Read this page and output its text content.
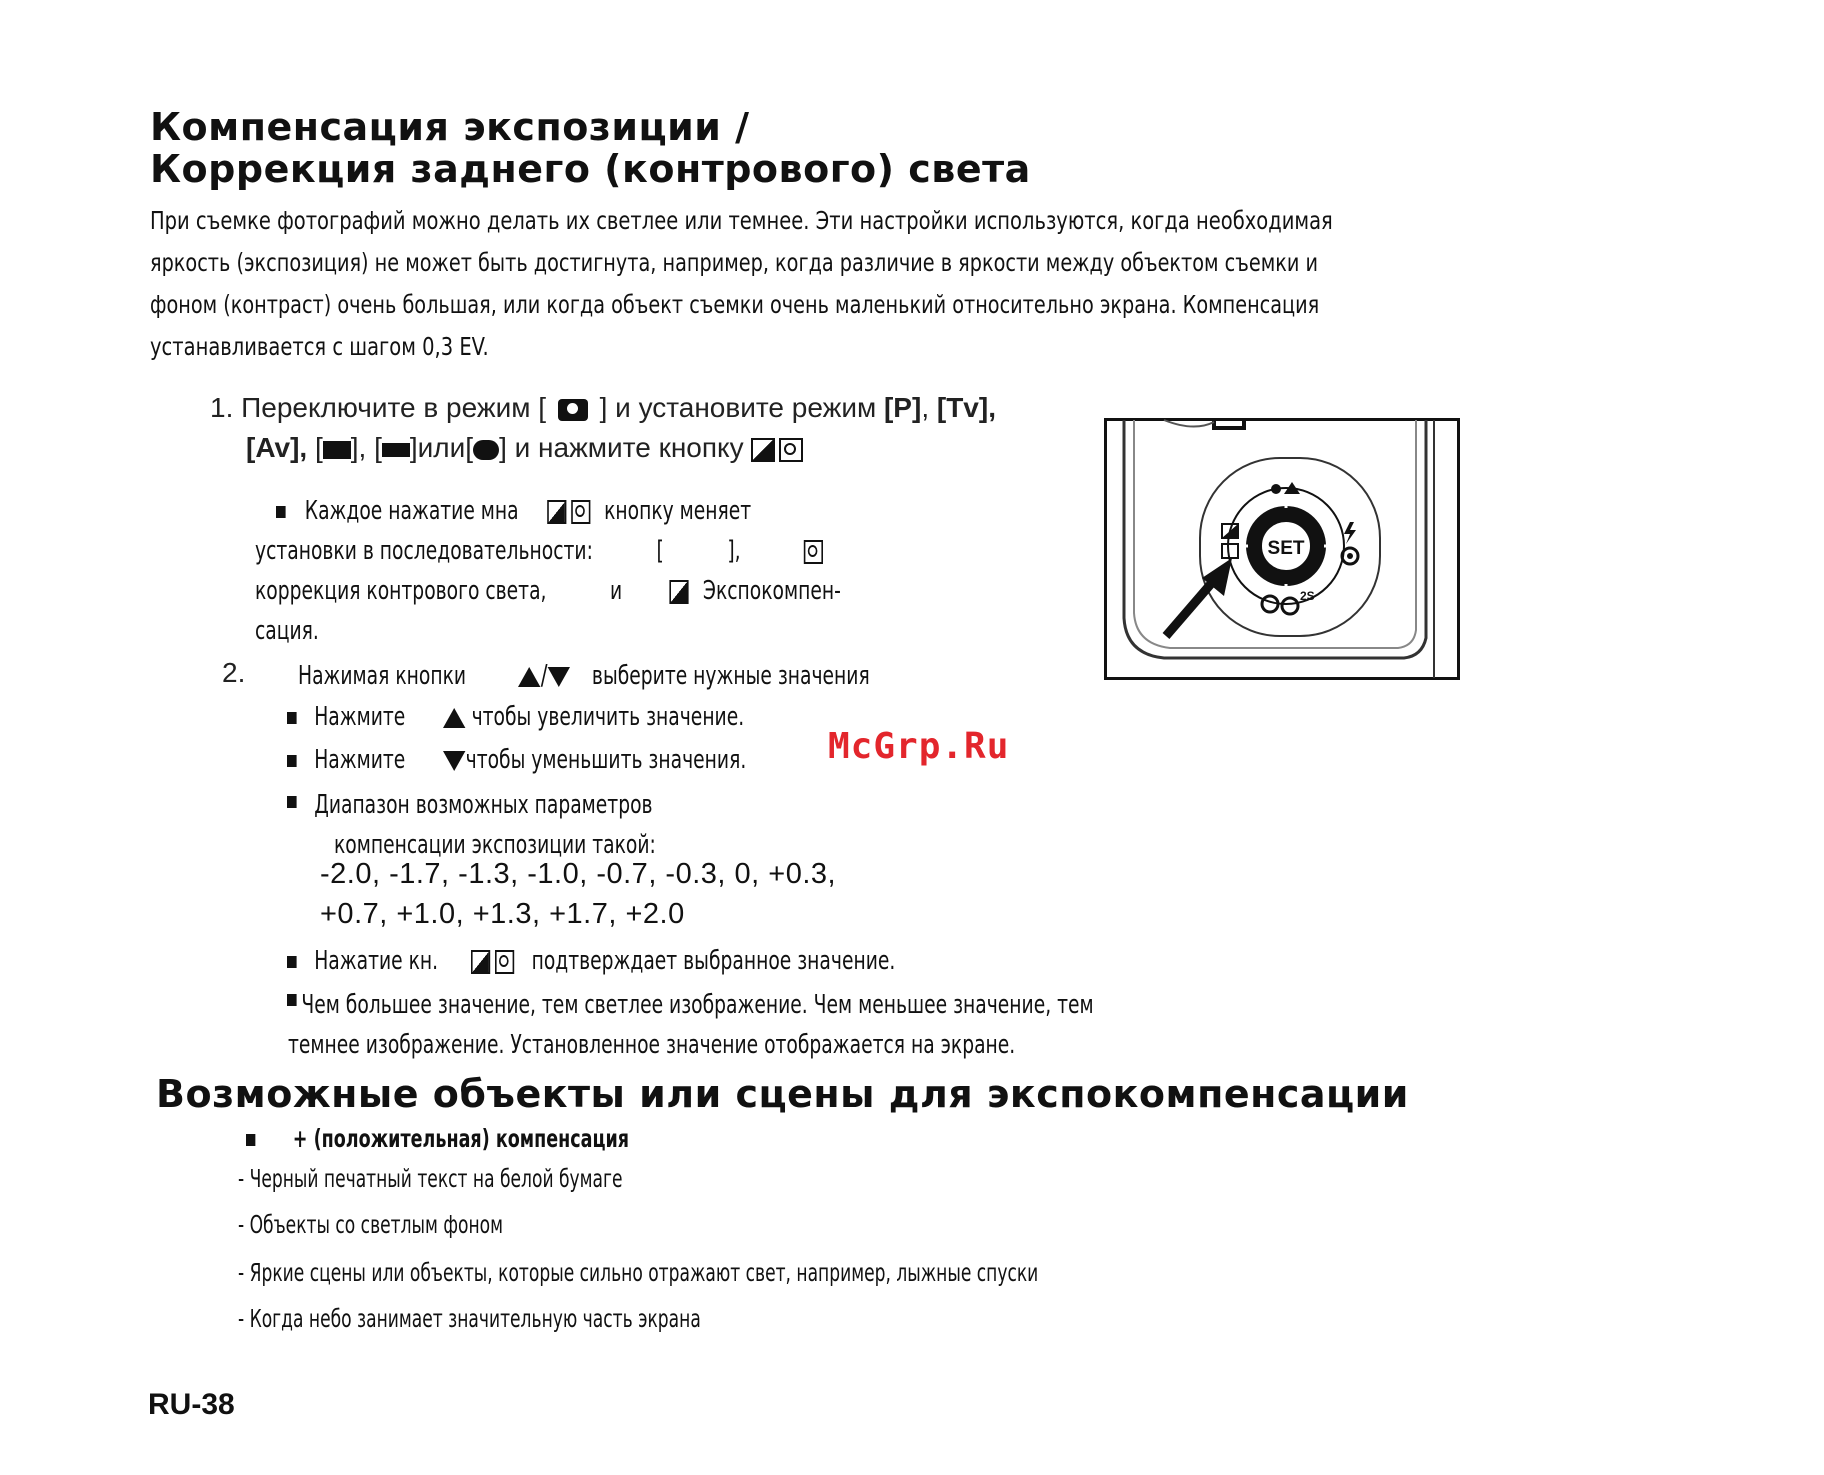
Компенсация экспозиции /
Коррекция заднего (контрового) света
При съемке фотографий можно делать их светлее или темнее. Эти настройки используются, когда необходимая
яркость (экспозиция) не может быть достигнута, например, когда различие в яркости между объектом съемки и
фоном (контраст) очень большая, или когда объект съемки очень маленький относительно экрана. Компенсация
устанавливается с шагом 0,3 EV.
1. Переключите в режим [ ] и установите режим [P], [Tv],
[Av], [ ], [ ]или[ ] и нажмите кнопку
Каждое нажатие мна	кнопку меняет
установки в последовательности: [ ],
коррекция контрового света, и	Экспокомпен-
сация.
2. Нажимая кнопки	/ выберите нужные значения
Нажмите	чтобы увеличить значение.
Нажмите чтобы уменьшить значения.
Диапазон возможных параметров
компенсации экспозиции такой:
-2.0, -1.7, -1.3, -1.0, -0.7, -0.3, 0, +0.3,
+0.7, +1.0, +1.3, +1.7, +2.0
Нажатие кн.	подтверждает выбранное значение.
Чем большее значение, тем светлее изображение. Чем меньшее значение, тем
темнее изображение. Установленное значение отображается на экране.
SET
2S
McGrp.Ru
Возможные объекты или сцены для экспокомпенсации
+ (положительная) компенсация
- Черный печатный текст на белой бумаге
- Объекты со светлым фоном
- Яркие сцены или объекты, которые сильно отражают свет, например, лыжные спуски
- Когда небо занимает значительную часть экрана
RU-38
